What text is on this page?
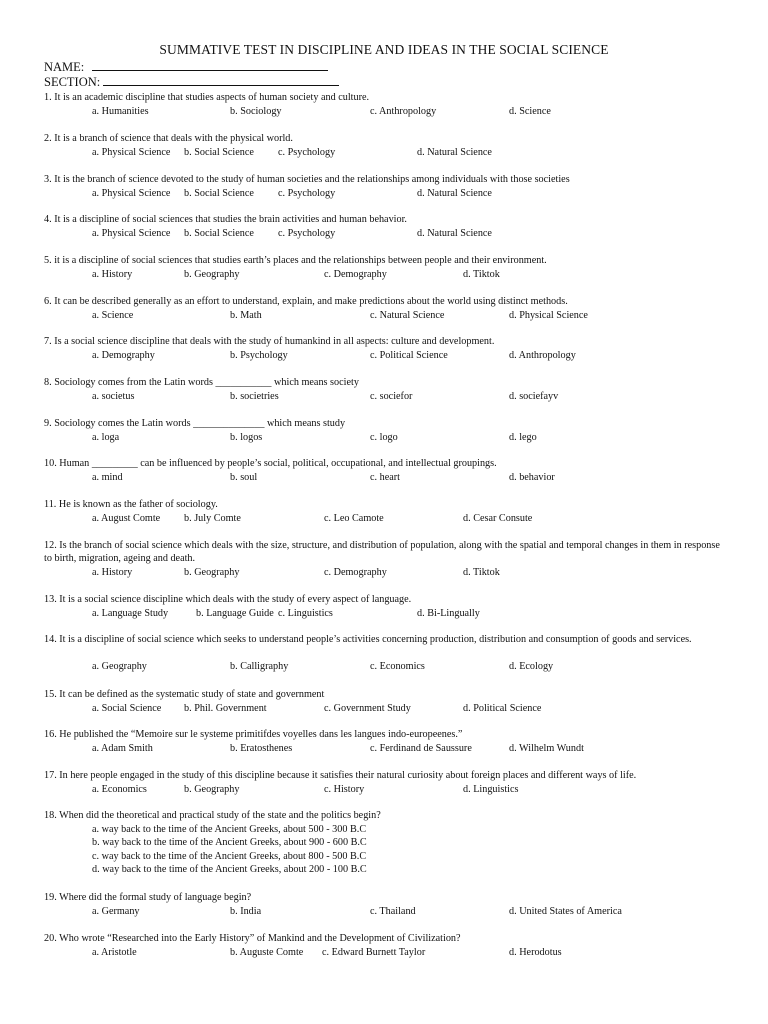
SUMMATIVE TEST IN DISCIPLINE AND IDEAS IN THE SOCIAL SCIENCE
NAME:
SECTION:
1. It is an academic discipline that studies aspects of human society and culture.
a. Humanities	b. Sociology	c. Anthropology	d. Science
2. It is a branch of science that deals with the physical world.
a. Physical Science b. Social Science c. Psychology	d. Natural Science
3. It is the branch of science devoted to the study of human societies and the relationships among individuals with those societies
a. Physical Science b. Social Science c. Psychology	d. Natural Science
4. It is a discipline of social sciences that studies the brain activities and human behavior.
a. Physical Science b. Social Science c. Psychology	d. Natural Science
5. it is a discipline of social sciences that studies earth’s places and the relationships between people and their environment.
a. History	b. Geography	c. Demography	d. Tiktok
6. It can be described generally as an effort to understand, explain, and make predictions about the world using distinct methods.
a. Science	b. Math	c. Natural Science	d. Physical Science
7. Is a social science discipline that deals with the study of humankind in all aspects: culture and development.
a. Demography	b. Psychology	c. Political Science	d. Anthropology
8. Sociology comes from the Latin words ___________ which means society
a. societus	b. societries	c. sociefor	d. sociefayv
9. Sociology comes the Latin words ______________ which means study
a. loga	b. logos	c. logo	d. lego
10. Human _________ can be influenced by people’s social, political, occupational, and intellectual groupings.
a. mind	b. soul	c. heart	d. behavior
11. He is known as the father of sociology.
a. August Comte b. July Comte	c. Leo Camote	d. Cesar Consute
12. Is the branch of social science which deals with the size, structure, and distribution of population, along with the spatial and temporal changes in them in response to birth, migration, ageing and death.
a. History	b. Geography	c. Demography	d. Tiktok
13. It is a social science discipline which deals with the study of every aspect of language.
a. Language Study	b. Language Guide c. Linguistics	d. Bi-Lingually
14. It is a discipline of social science which seeks to understand people’s activities concerning production, distribution and consumption of goods and services.
a. Geography	b. Calligraphy	c. Economics	d. Ecology
15. It can be defined as the systematic study of state and government
a. Social Science b. Phil. Government	c. Government Study	d. Political Science
16. He published the “Memoire sur le systeme primitifdes voyelles dans les langues indo-europeenes.”
a. Adam Smith	b. Eratosthenes	c. Ferdinand de Saussure	d. Wilhelm Wundt
17. In here people engaged in the study of this discipline because it satisfies their natural curiosity about foreign places and different ways of life.
a. Economics	b. Geography	c. History	d. Linguistics
18. When did the theoretical and practical study of the state and the politics begin?
a. way back to the time of the Ancient Greeks, about 500 - 300 B.C
b. way back to the time of the Ancient Greeks, about 900 - 600 B.C
c. way back to the time of the Ancient Greeks, about 800 - 500 B.C
d. way back to the time of the Ancient Greeks, about 200 - 100 B.C
19. Where did the formal study of language begin?
a. Germany	b. India	c. Thailand	d. United States of America
20. Who wrote “Researched into the Early History” of Mankind and the Development of Civilization?
a. Aristotle	b. Auguste Comte c. Edward Burnett Taylor	d. Herodotus
